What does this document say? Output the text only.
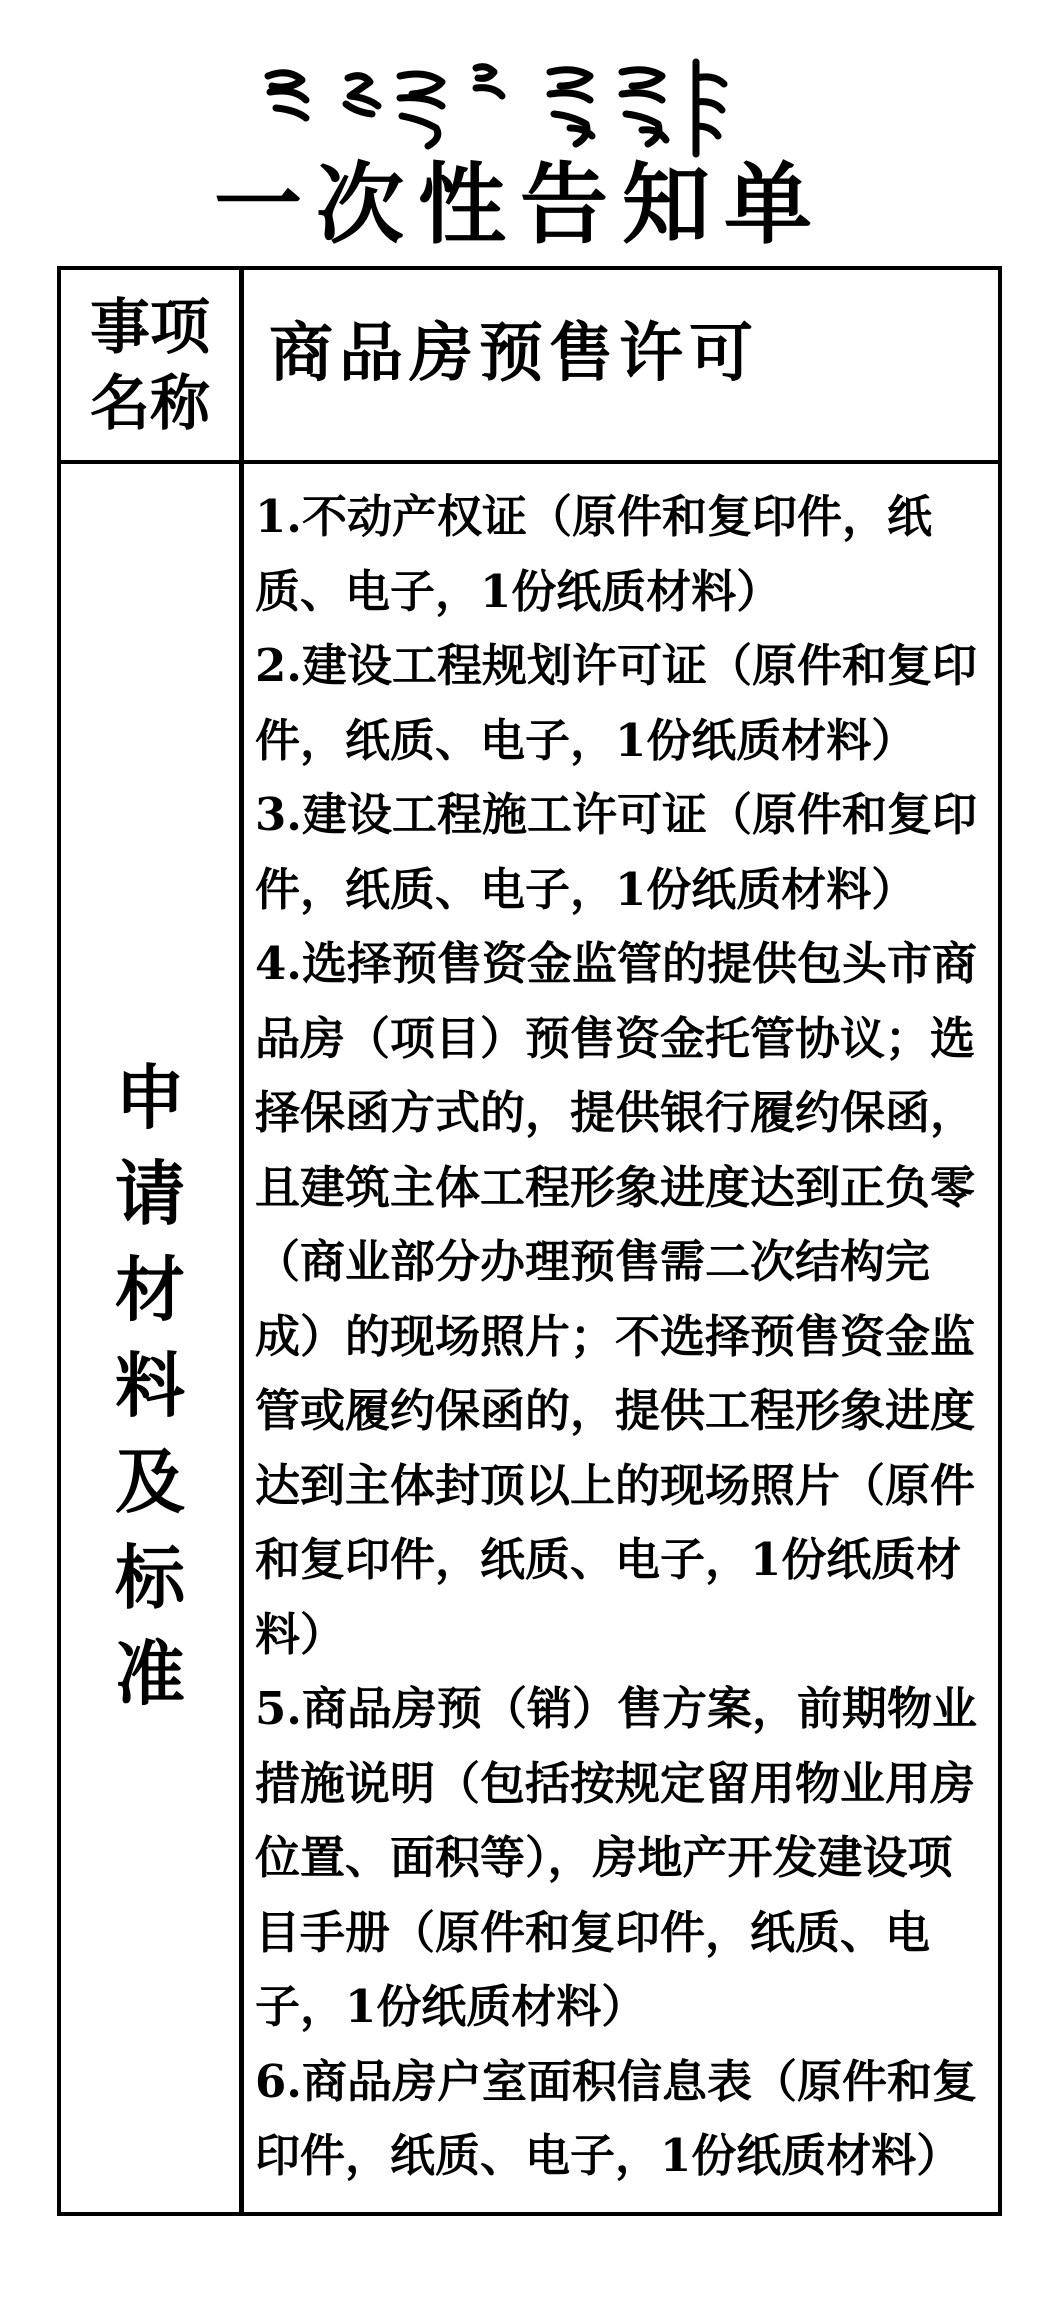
一次性告知单
事项
名称
商品房预售许可
申
请
材
料
及
标
准

1.不动产权证（原件和复印件，纸质、电子，1份纸质材料）

2.建设工程规划许可证（原件和复印件，纸质、电子，1份纸质材料）

3.建设工程施工许可证（原件和复印件，纸质、电子，1份纸质材料）

4.选择预售资金监管的提供包头市商品房（项目）预售资金托管协议；选择保函方式的，提供银行履约保函，且建筑主体工程形象进度达到正负零（商业部分办理预售需二次结构完成）的现场照片；不选择预售资金监管或履约保函的，提供工程形象进度达到主体封顶以上的现场照片（原件和复印件，纸质、电子，1份纸质材料）

5.商品房预（销）售方案，前期物业措施说明（包括按规定留用物业用房位置、面积等），房地产开发建设项目手册（原件和复印件，纸质、电子，1份纸质材料）

6.商品房户室面积信息表（原件和复印件，纸质、电子，1份纸质材料）
